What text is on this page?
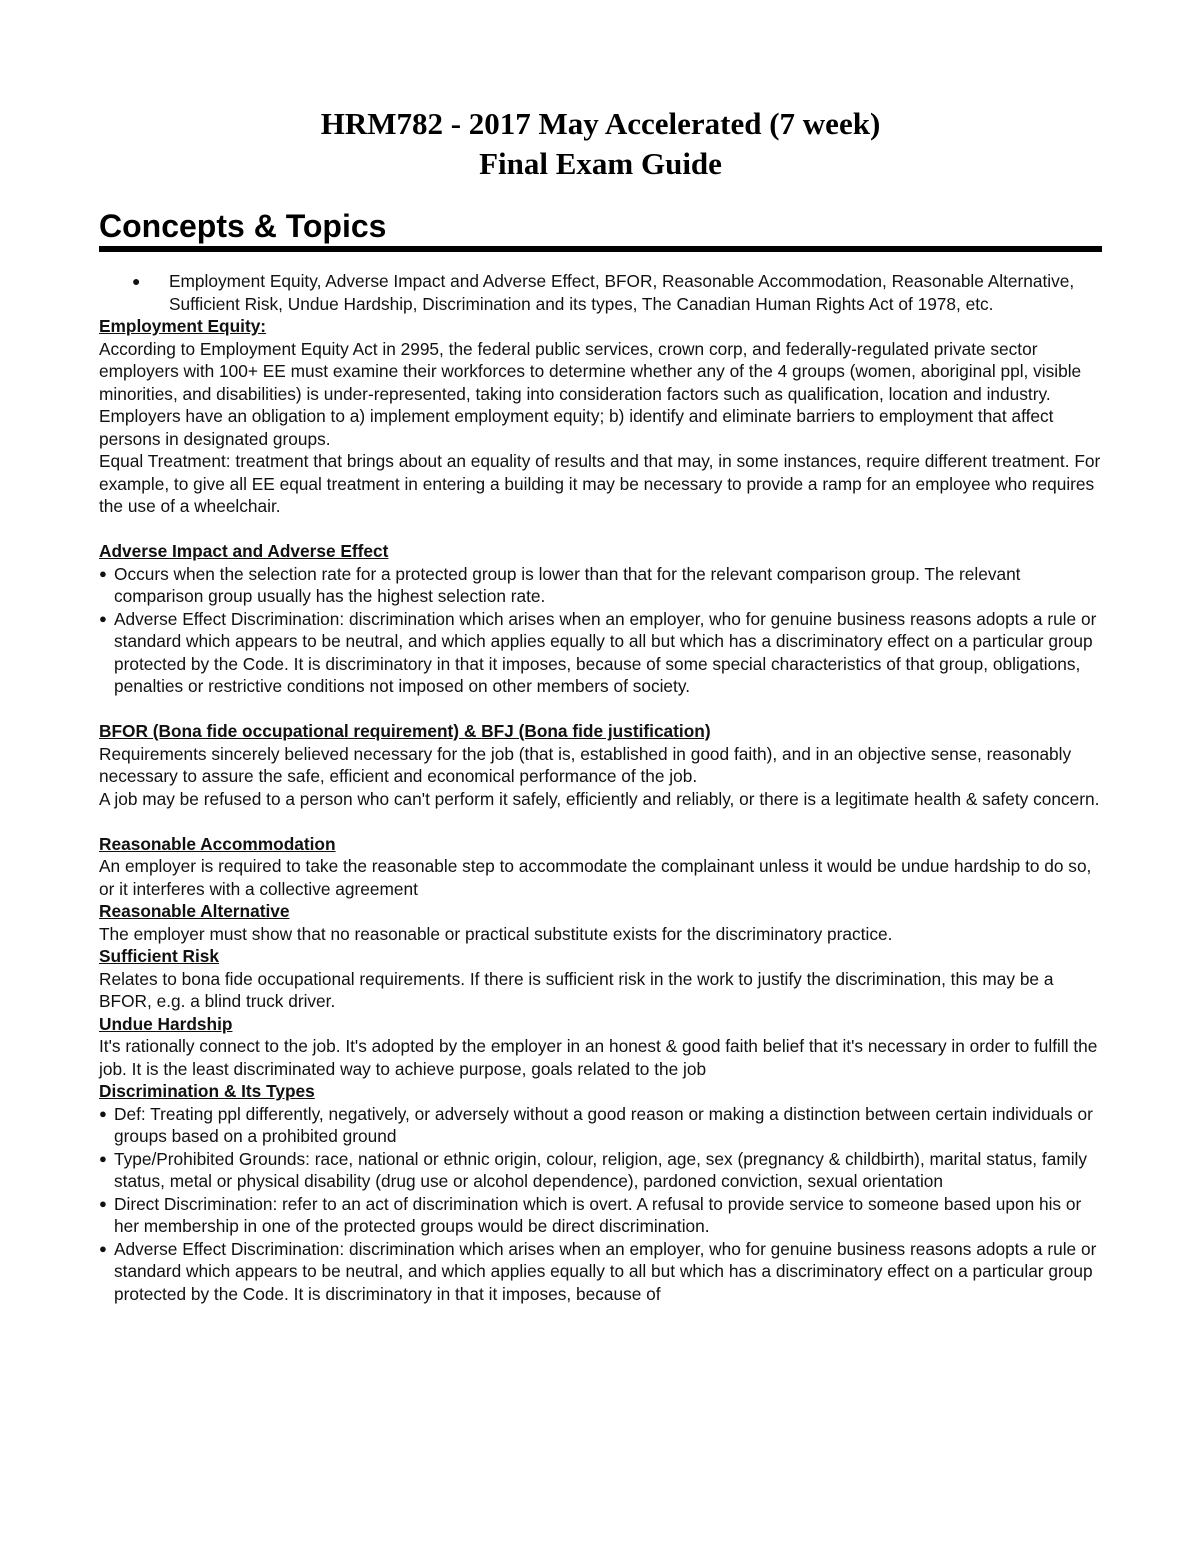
HRM782 - 2017 May Accelerated (7 week)
Final Exam Guide
Concepts & Topics
●	Employment Equity, Adverse Impact and Adverse Effect, BFOR, Reasonable Accommodation, Reasonable Alternative, Sufficient Risk, Undue Hardship, Discrimination and its types, The Canadian Human Rights Act of 1978, etc.
Employment Equity:

According to Employment Equity Act in 2995, the federal public services, crown corp, and federally-regulated private sector employers with 100+ EE must examine their workforces to determine whether any of the 4 groups (women, aboriginal ppl, visible minorities, and disabilities) is under-represented, taking into consideration factors such as qualification, location and industry.

Employers have an obligation to a) implement employment equity; b) identify and eliminate barriers to employment that affect persons in designated groups.

Equal Treatment: treatment that brings about an equality of results and that may, in some instances, require different treatment. For example, to give all EE equal treatment in entering a building it may be necessary to provide a ramp for an employee who requires the use of a wheelchair.

Adverse Impact and Adverse Effect
● Occurs when the selection rate for a protected group is lower than that for the relevant comparison group. The relevant comparison group usually has the highest selection rate.
● Adverse Effect Discrimination: discrimination which arises when an employer, who for genuine business reasons adopts a rule or standard which appears to be neutral, and which applies equally to all but which has a discriminatory effect on a particular group protected by the Code. It is discriminatory in that it imposes, because of some special characteristics of that group, obligations, penalties or restrictive conditions not imposed on other members of society.
BFOR (Bona fide occupational requirement) & BFJ (Bona fide justification)

Requirements sincerely believed necessary for the job (that is, established in good faith), and in an objective sense, reasonably necessary to assure the safe, efficient and economical performance of the job.

A job may be refused to a person who can't perform it safely, efficiently and reliably, or there is a legitimate health & safety concern.

Reasonable Accommodation

An employer is required to take the reasonable step to accommodate the complainant unless it would be undue hardship to do so, or it interferes with a collective agreement

Reasonable Alternative

The employer must show that no reasonable or practical substitute exists for the discriminatory practice.

Sufficient Risk

Relates to bona fide occupational requirements. If there is sufficient risk in the work to justify the discrimination, this may be a BFOR, e.g. a blind truck driver.

Undue Hardship

It's rationally connect to the job. It's adopted by the employer in an honest & good faith belief that it's necessary in order to fulfill the job. It is the least discriminated way to achieve purpose, goals related to the job

Discrimination & Its Types
● Def: Treating ppl differently, negatively, or adversely without a good reason or making a distinction between certain individuals or groups based on a prohibited ground
● Type/Prohibited Grounds: race, national or ethnic origin, colour, religion, age, sex (pregnancy & childbirth), marital status, family status, metal or physical disability (drug use or alcohol dependence), pardoned conviction, sexual orientation
● Direct Discrimination: refer to an act of discrimination which is overt. A refusal to provide service to someone based upon his or her membership in one of the protected groups would be direct discrimination.
● Adverse Effect Discrimination: discrimination which arises when an employer, who for genuine business reasons adopts a rule or standard which appears to be neutral, and which applies equally to all but which has a discriminatory effect on a particular group protected by the Code. It is discriminatory in that it imposes, because of
